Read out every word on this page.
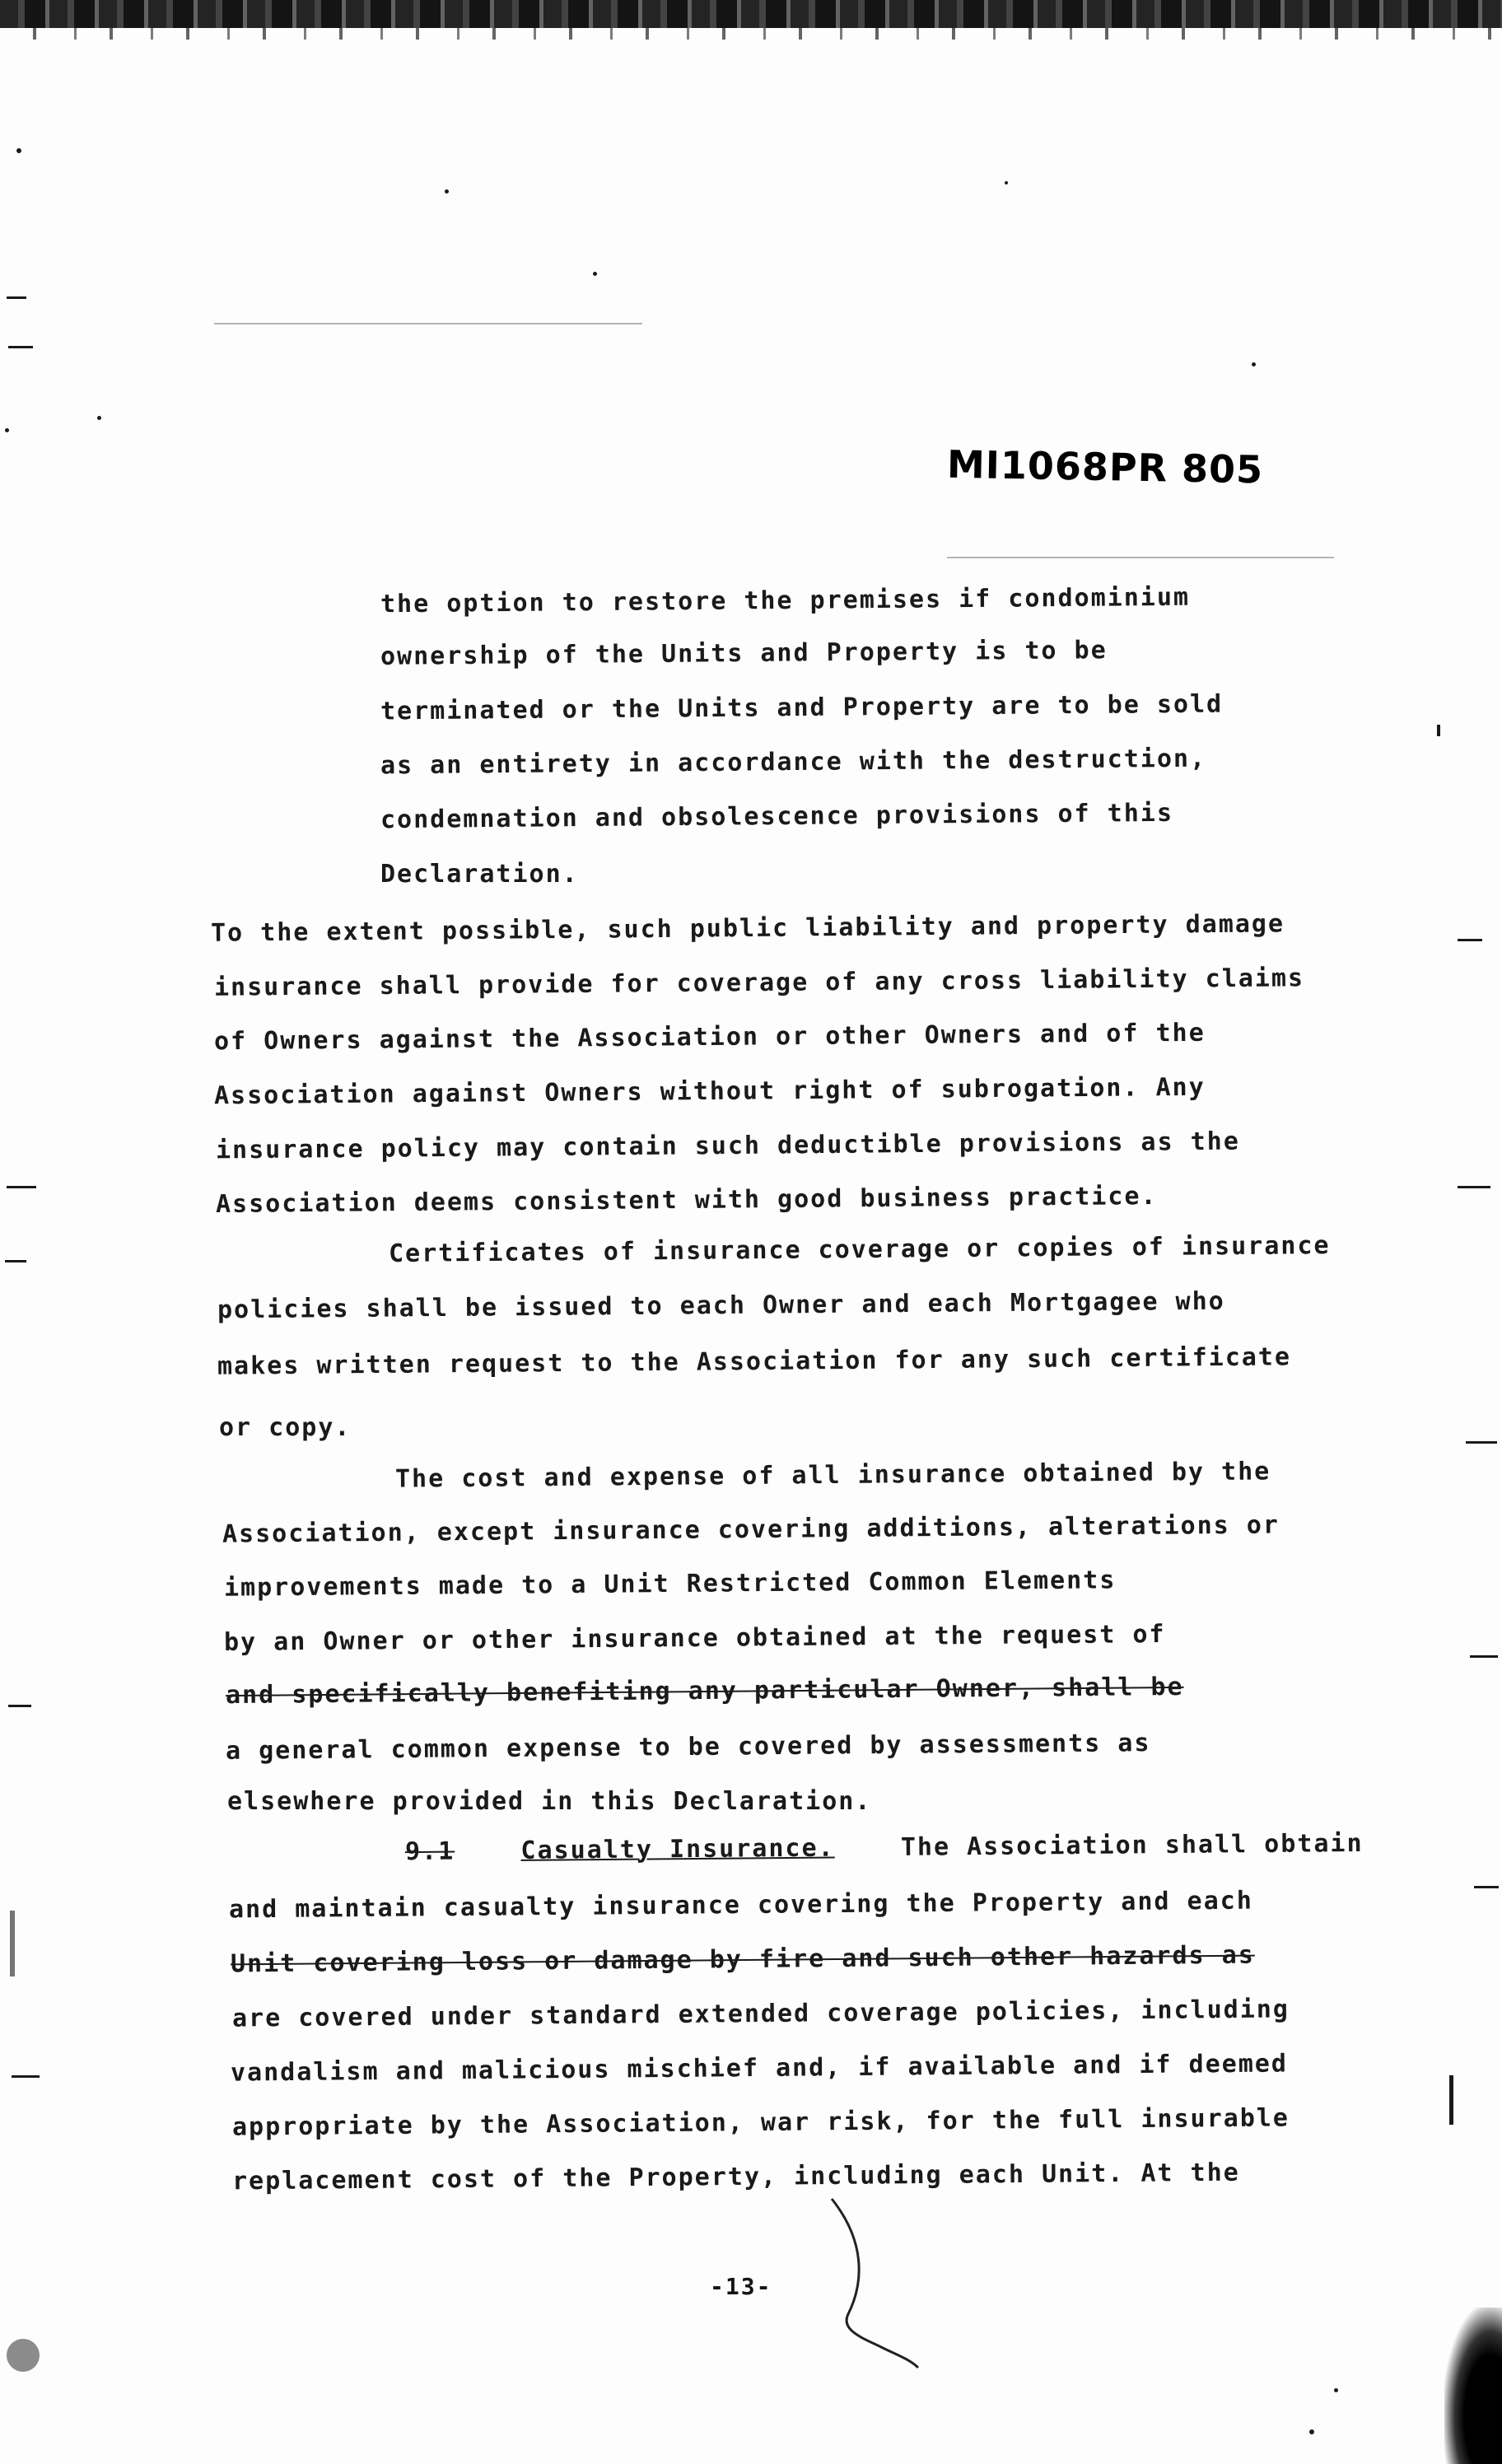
MI1068PR 805
the option to restore the premises if condominium
ownership of the Units and Property is to be
terminated or the Units and Property are to be sold
as an entirety in accordance with the destruction,
condemnation and obsolescence provisions of this
Declaration.
To the extent possible, such public liability and property damage
insurance shall provide for coverage of any cross liability claims
of Owners against the Association or other Owners and of the
Association against Owners without right of subrogation. Any
insurance policy may contain such deductible provisions as the
Association deems consistent with good business practice.
Certificates of insurance coverage or copies of insurance
policies shall be issued to each Owner and each Mortgagee who
makes written request to the Association for any such certificate
or copy.
The cost and expense of all insurance obtained by the
Association, except insurance covering additions, alterations or
improvements made to a Unit Restricted Common Elements
by an Owner or other insurance obtained at the request of
and specifically benefiting any particular Owner, shall be
a general common expense to be covered by assessments as
elsewhere provided in this Declaration.
9.1	Casualty Insurance.	The Association shall obtain
and maintain casualty insurance covering the Property and each
Unit covering loss or damage by fire and such other hazards as
are covered under standard extended coverage policies, including
vandalism and malicious mischief and, if available and if deemed
appropriate by the Association, war risk, for the full insurable
replacement cost of the Property, including each Unit. At the
-13-
